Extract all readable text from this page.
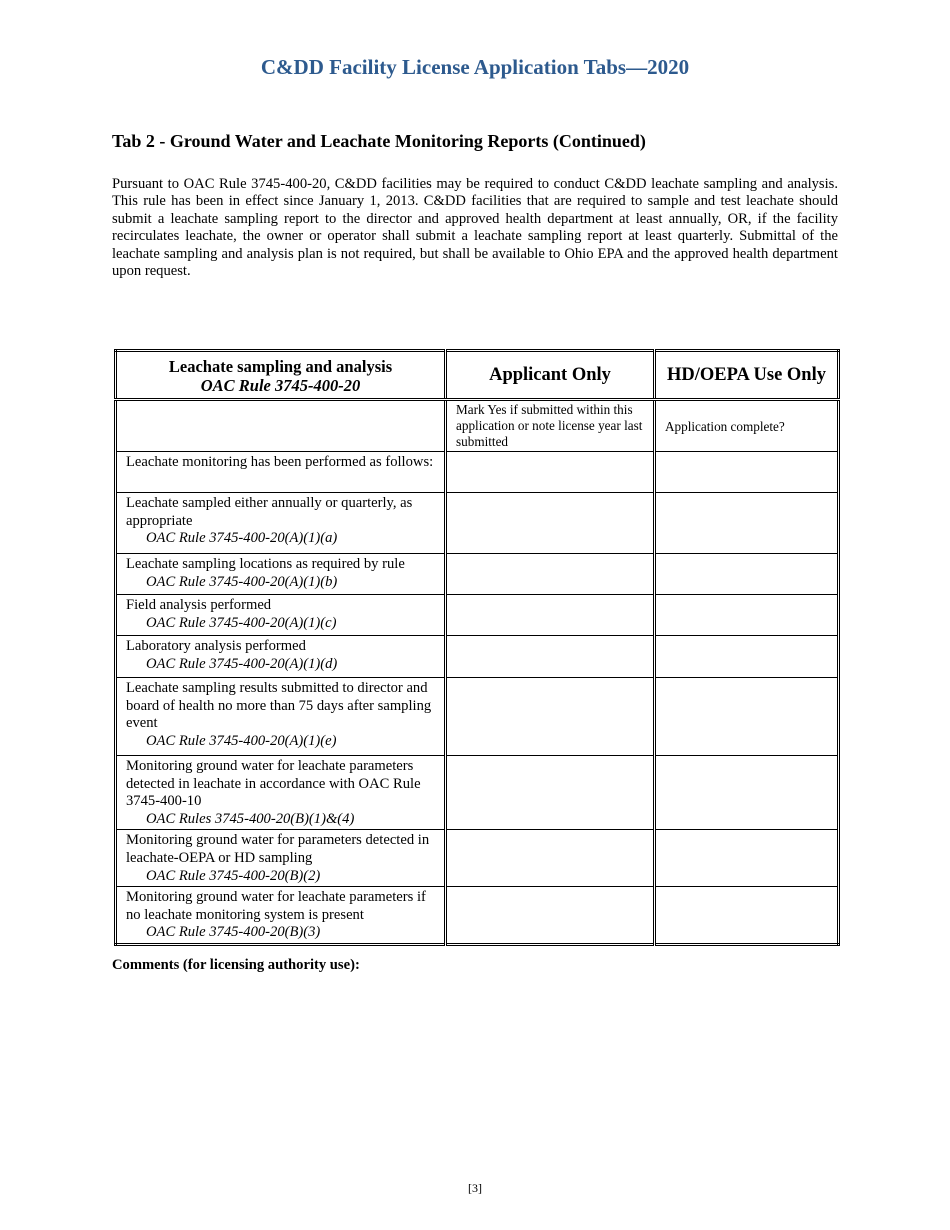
C&DD Facility License Application Tabs—2020
Tab 2 - Ground Water and Leachate Monitoring Reports (Continued)

Pursuant to OAC Rule 3745-400-20, C&DD facilities may be required to conduct C&DD leachate sampling and analysis. This rule has been in effect since January 1, 2013. C&DD facilities that are required to sample and test leachate should submit a leachate sampling report to the director and approved health department at least annually, OR, if the facility recirculates leachate, the owner or operator shall submit a leachate sampling report at least quarterly. Submittal of the leachate sampling and analysis plan is not required, but shall be available to Ohio EPA and the approved health department upon request.

Leachate sampling and analysis
OAC Rule 3745-400-20	Applicant Only	HD/OEPA Use Only
	Mark Yes if submitted within this application or note license year last submitted	Application complete?
Leachate monitoring has been performed as follows:		
Leachate sampled either annually or quarterly, as appropriate
OAC Rule 3745-400-20(A)(1)(a)		

Leachate sampling locations as required by rule
OAC Rule 3745-400-20(A)(1)(b)		

Field analysis performed
OAC Rule 3745-400-20(A)(1)(c)		

Laboratory analysis performed
OAC Rule 3745-400-20(A)(1)(d)		

Leachate sampling results submitted to director and board of health no more than 75 days after sampling event
OAC Rule 3745-400-20(A)(1)(e)		

Monitoring ground water for leachate parameters detected in leachate in accordance with OAC Rule 3745-400-10
OAC Rules 3745-400-20(B)(1)&(4)		

Monitoring ground water for parameters detected in leachate-OEPA or HD sampling
OAC Rule 3745-400-20(B)(2)		

Monitoring ground water for leachate parameters if no leachate monitoring system is present
OAC Rule 3745-400-20(B)(3)		

Comments (for licensing authority use):

[3]
